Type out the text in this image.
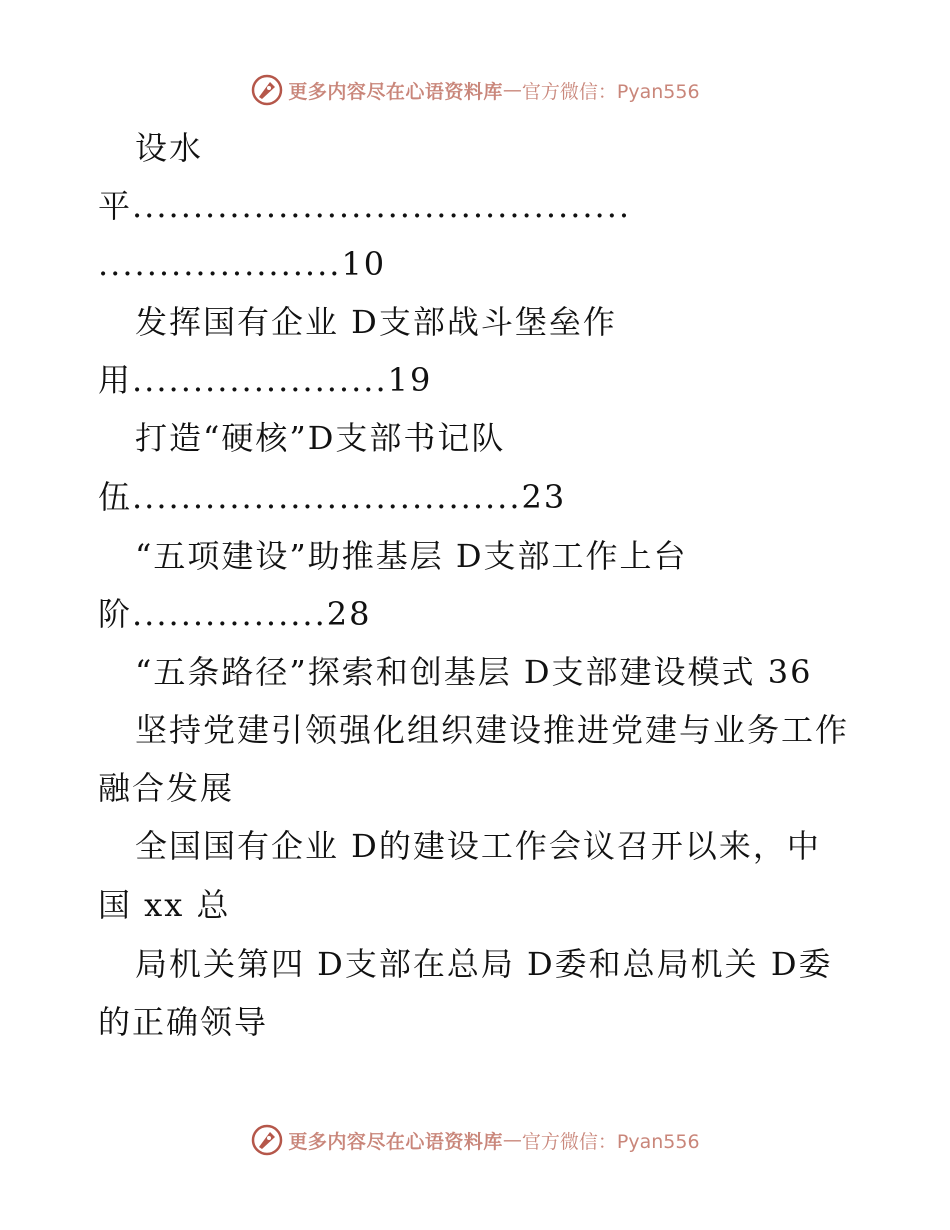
更多内容尽在心语资料库 — 官方微信：Pyan556
设水
平.........................................
....................10
发挥国有企业 D支部战斗堡垒作
用.....................19
打造“硬核”D支部书记队
伍................................23
“五项建设”助推基层 D支部工作上台
阶................28
“五条路径”探索和创基层 D支部建设模式 36
坚持党建引领强化组织建设推进党建与业务工作
融合发展
全国国有企业 D的建设工作会议召开以来，中
国 xx 总
局机关第四 D支部在总局 D委和总局机关 D委
的正确领导
更多内容尽在心语资料库 — 官方微信：Pyan556
